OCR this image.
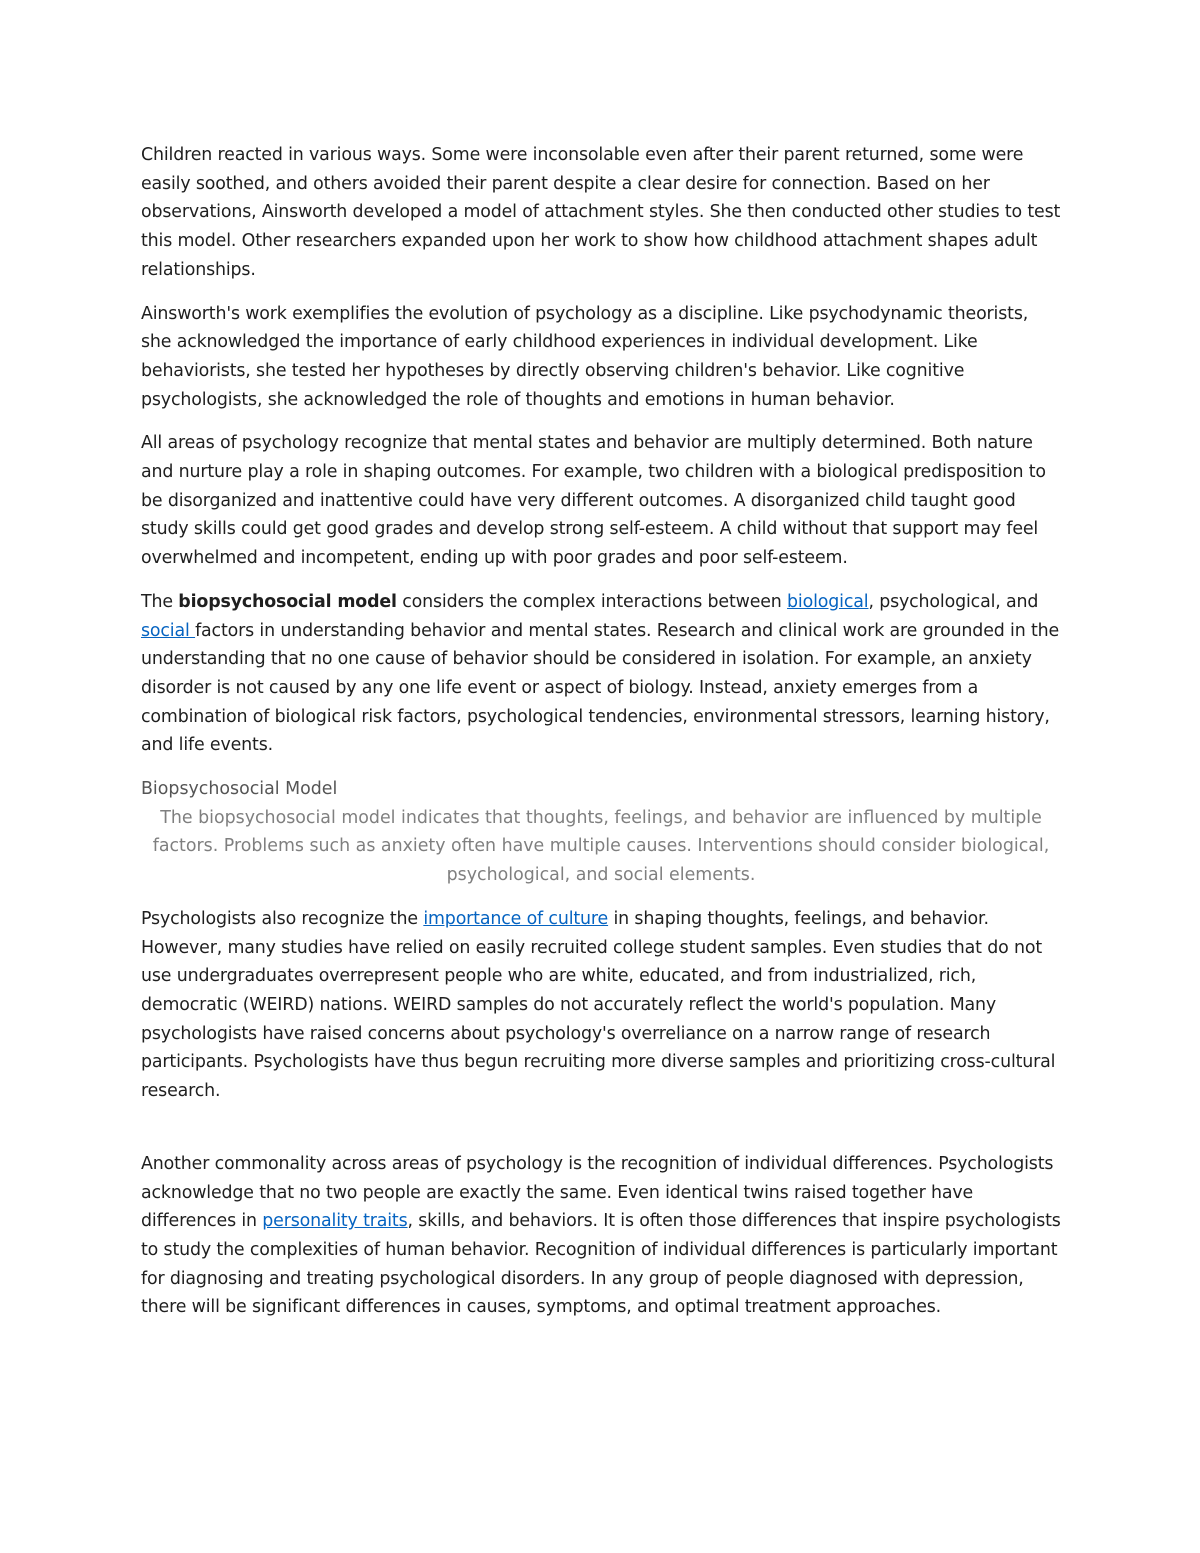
Children reacted in various ways. Some were inconsolable even after their parent returned, some were easily soothed, and others avoided their parent despite a clear desire for connection. Based on her observations, Ainsworth developed a model of attachment styles. She then conducted other studies to test this model. Other researchers expanded upon her work to show how childhood attachment shapes adult relationships.

Ainsworth's work exemplifies the evolution of psychology as a discipline. Like psychodynamic theorists, she acknowledged the importance of early childhood experiences in individual development. Like behaviorists, she tested her hypotheses by directly observing children's behavior. Like cognitive psychologists, she acknowledged the role of thoughts and emotions in human behavior.

All areas of psychology recognize that mental states and behavior are multiply determined. Both nature and nurture play a role in shaping outcomes. For example, two children with a biological predisposition to be disorganized and inattentive could have very different outcomes. A disorganized child taught good study skills could get good grades and develop strong self-esteem. A child without that support may feel overwhelmed and incompetent, ending up with poor grades and poor self-esteem.

The biopsychosocial model considers the complex interactions between biological, psychological, and social factors in understanding behavior and mental states. Research and clinical work are grounded in the understanding that no one cause of behavior should be considered in isolation. For example, an anxiety disorder is not caused by any one life event or aspect of biology. Instead, anxiety emerges from a combination of biological risk factors, psychological tendencies, environmental stressors, learning history, and life events.

Biopsychosocial Model
The biopsychosocial model indicates that thoughts, feelings, and behavior are influenced by multiple factors. Problems such as anxiety often have multiple causes. Interventions should consider biological, psychological, and social elements.

Psychologists also recognize the importance of culture in shaping thoughts, feelings, and behavior. However, many studies have relied on easily recruited college student samples. Even studies that do not use undergraduates overrepresent people who are white, educated, and from industrialized, rich, democratic (WEIRD) nations. WEIRD samples do not accurately reflect the world's population. Many psychologists have raised concerns about psychology's overreliance on a narrow range of research participants. Psychologists have thus begun recruiting more diverse samples and prioritizing cross-cultural research.

Another commonality across areas of psychology is the recognition of individual differences. Psychologists acknowledge that no two people are exactly the same. Even identical twins raised together have differences in personality traits, skills, and behaviors. It is often those differences that inspire psychologists to study the complexities of human behavior. Recognition of individual differences is particularly important for diagnosing and treating psychological disorders. In any group of people diagnosed with depression, there will be significant differences in causes, symptoms, and optimal treatment approaches.
